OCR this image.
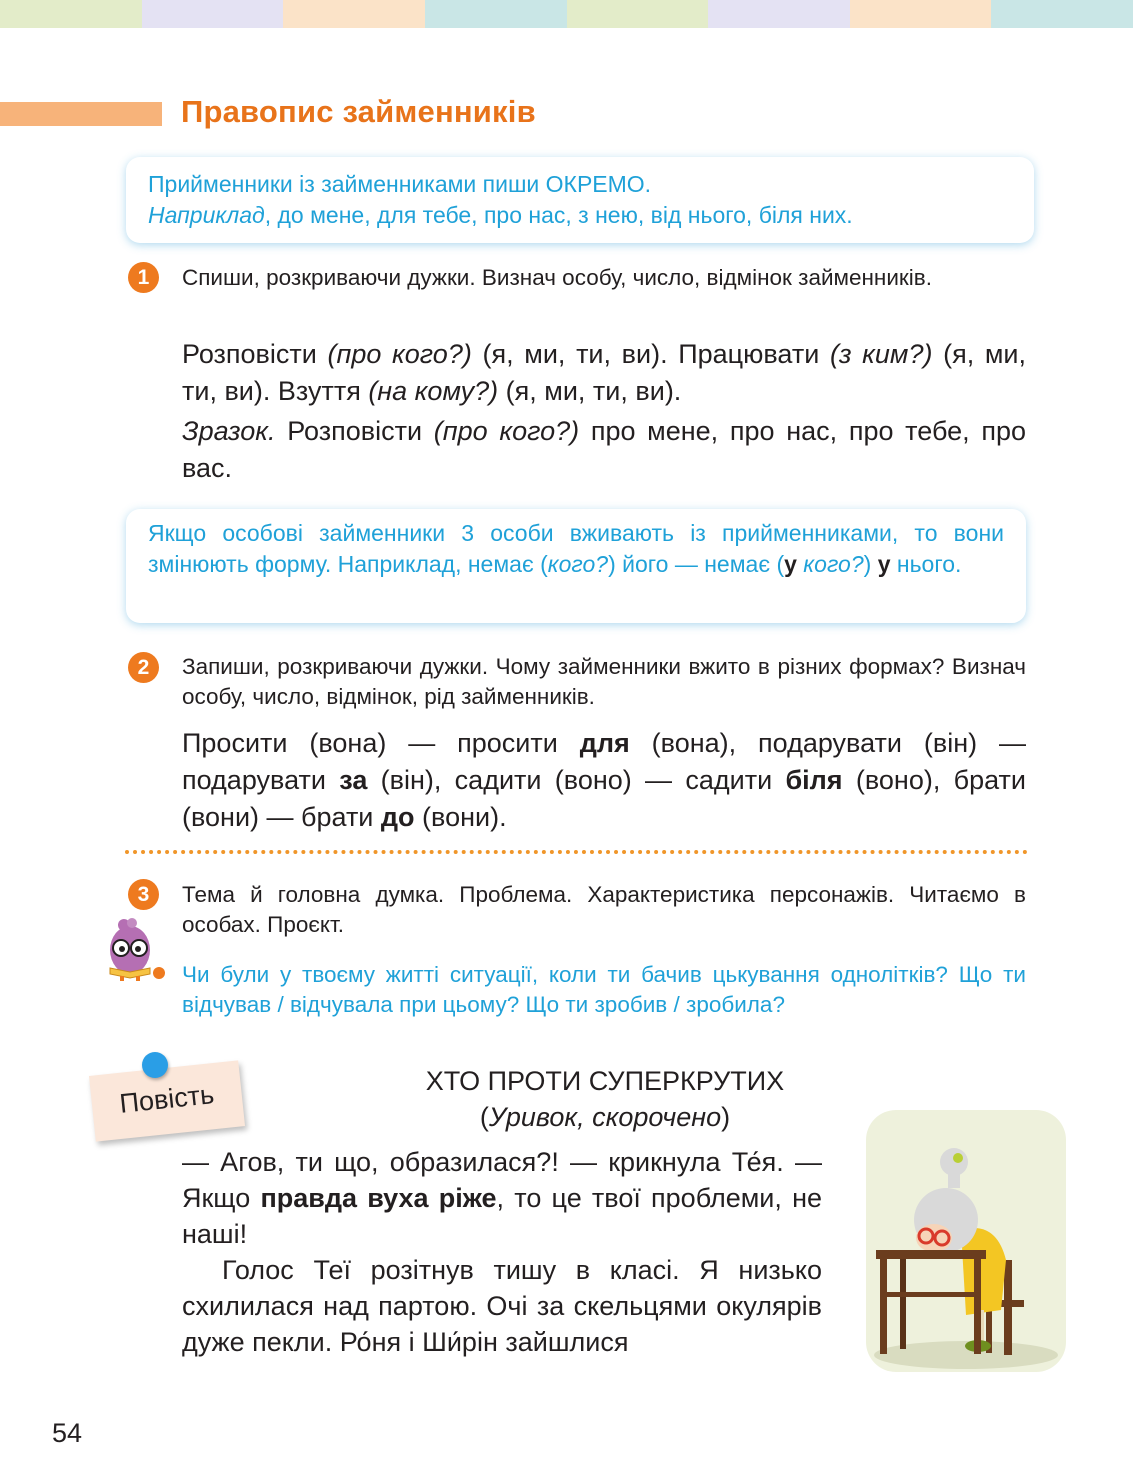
Правопис займенників

Прийменники із займенниками пиши ОКРЕМО.

Наприклад, до мене, для тебе, про нас, з нею, від нього, біля них.

1	Спиши, розкриваючи дужки. Визнач особу, число, відмінок займенників.

Розповісти (про кого?) (я, ми, ти, ви). Працювати (з ким?) (я, ми, ти, ви). Взуття (на кому?) (я, ми, ти, ви).

Зразок. Розповісти (про кого?) про мене, про нас, про тебе, про вас.

Якщо особові займенники 3 особи вживають із прийменниками, то вони змінюють форму. Наприклад, немає (кого?) його — немає (у кого?) у нього.

2	Запиши, розкриваючи дужки. Чому займенники вжито в різних формах? Визнач особу, число, відмінок, рід займенників.

Просити (вона) — просити для (вона), подарувати (він) — подарувати за (він), садити (воно) — садити біля (воно), брати (вони) — брати до (вони).

3	Тема й головна думка. Проблема. Характеристика персонажів. Читаємо в особах. Проєкт.

Чи були у твоєму житті ситуації, коли ти бачив цькування однолітків? Що ти відчував / відчувала при цьому? Що ти зробив / зробила?

Повість	ХТО ПРОТИ СУПЕРКРУТИХ

(Уривок, скорочено)

— Агов, ти що, образилася?! — крикнула Те́я. — Якщо правда вуха ріже, то це твої проблеми, не наші!

Голос Теї розітнув тишу в класі. Я низько схилилася над партою. Очі за скельцями окулярів дуже пекли. Ро́ня і Ши́рін зайшлися

54
